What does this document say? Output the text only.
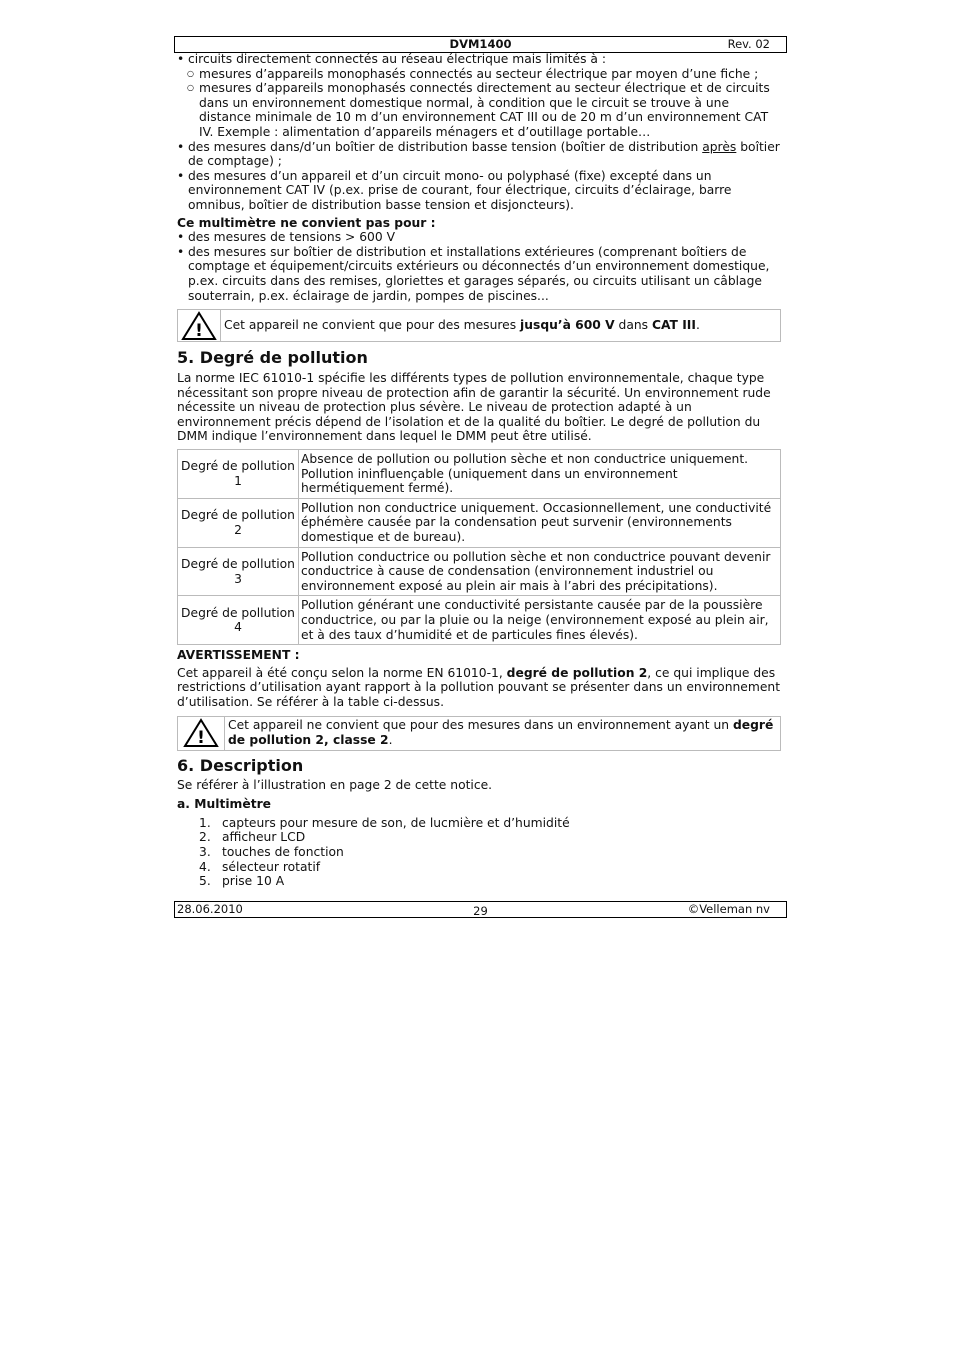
DVM1400	Rev. 02
• circuits directement connectés au réseau électrique mais limités à :
○ mesures d’appareils monophasés connectés au secteur électrique par moyen d’une fiche ;
○ mesures d’appareils monophasés connectés directement au secteur électrique et de circuits dans un environnement domestique normal, à condition que le circuit se trouve à une distance minimale de 10 m d’un environnement CAT III ou de 20 m d’un environnement CAT IV. Exemple : alimentation d’appareils ménagers et d’outillage portable…
• des mesures dans/d’un boîtier de distribution basse tension (boîtier de distribution après boîtier de comptage) ;
• des mesures d’un appareil et d’un circuit mono- ou polyphasé (fixe) excepté dans un environnement CAT IV (p.ex. prise de courant, four électrique, circuits d’éclairage, barre omnibus, boîtier de distribution basse tension et disjoncteurs).

Ce multimètre ne convient pas pour :

• des mesures de tensions > 600 V
• des mesures sur boîtier de distribution et installations extérieures (comprenant boîtiers de comptage et équipement/circuits extérieurs ou déconnectés d’un environnement domestique, p.ex. circuits dans des remises, gloriettes et garages séparés, ou circuits utilisant un câblage souterrain, p.ex. éclairage de jardin, pompes de piscines...
! Cet appareil ne convient que pour des mesures jusqu’à 600 V dans CAT III.
5. Degré de pollution

La norme IEC 61010-1 spécifie les différents types de pollution environnementale, chaque type nécessitant son propre niveau de protection afin de garantir la sécurité. Un environnement rude nécessite un niveau de protection plus sévère. Le niveau de protection adapté à un environnement précis dépend de l’isolation et de la qualité du boîtier. Le degré de pollution du DMM indique l’environnement dans lequel le DMM peut être utilisé.

Degré de pollution
1	Absence de pollution ou pollution sèche et non conductrice uniquement. Pollution ininfluençable (uniquement dans un environnement hermétiquement fermé).
Degré de pollution
2	Pollution non conductrice uniquement. Occasionnellement, une conductivité éphémère causée par la condensation peut survenir (environnements domestique et de bureau).
Degré de pollution
3	Pollution conductrice ou pollution sèche et non conductrice pouvant devenir conductrice à cause de condensation (environnement industriel ou environnement exposé au plein air mais à l’abri des précipitations).
Degré de pollution
4	Pollution générant une conductivité persistante causée par de la poussière conductrice, ou par la pluie ou la neige (environnement exposé au plein air, et à des taux d’humidité et de particules fines élevés).

AVERTISSEMENT :

Cet appareil à été conçu selon la norme EN 61010-1, degré de pollution 2, ce qui implique des restrictions d’utilisation ayant rapport à la pollution pouvant se présenter dans un environnement d’utilisation. Se référer à la table ci-dessus.

!
Cet appareil ne convient que pour des mesures dans un environnement ayant un degré de pollution 2, classe 2.
6. Description

Se référer à l’illustration en page 2 de cette notice.

a. Multimètre

1. capteurs pour mesure de son, de lucmière et d’humidité
2. afficheur LCD
3. touches de fonction
4. sélecteur rotatif
5. prise 10 A
28.06.2010	29	©Velleman nv
